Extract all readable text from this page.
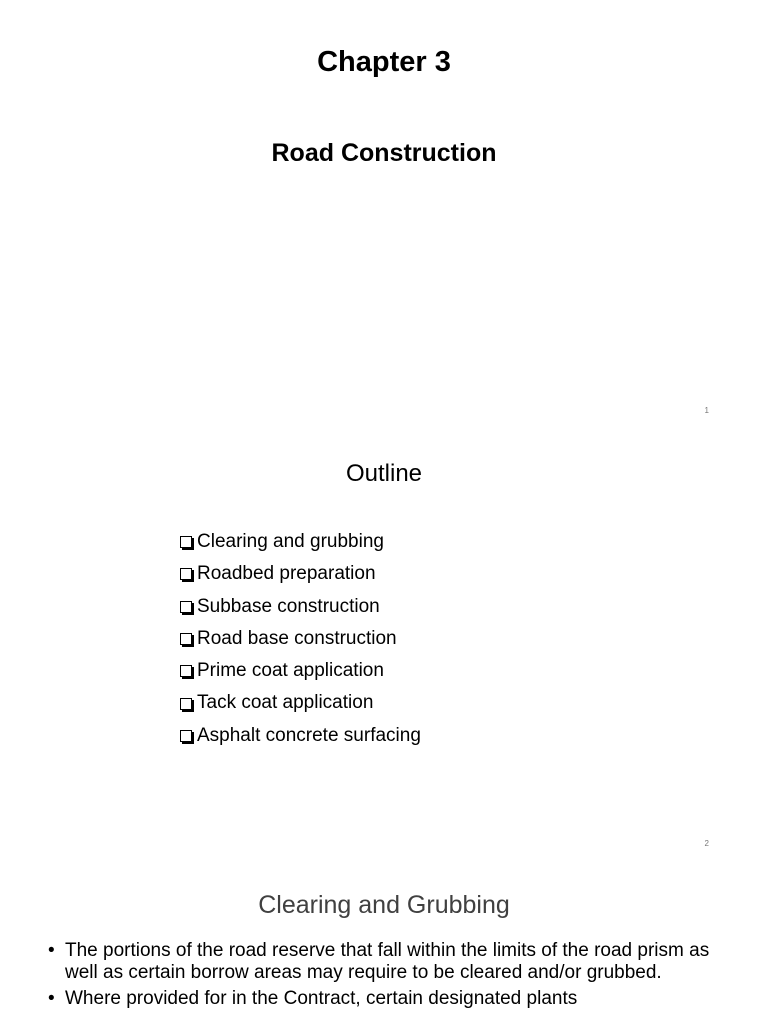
Chapter 3
Road Construction
1
Outline
Clearing and grubbing
Roadbed preparation
Subbase construction
Road base construction
Prime coat application
Tack coat application
Asphalt concrete surfacing
2
Clearing and Grubbing
• The portions of the road reserve that fall within the limits of the road prism as well as certain borrow areas may require to be cleared and/or grubbed.
• Where provided for in the Contract, certain designated plants
